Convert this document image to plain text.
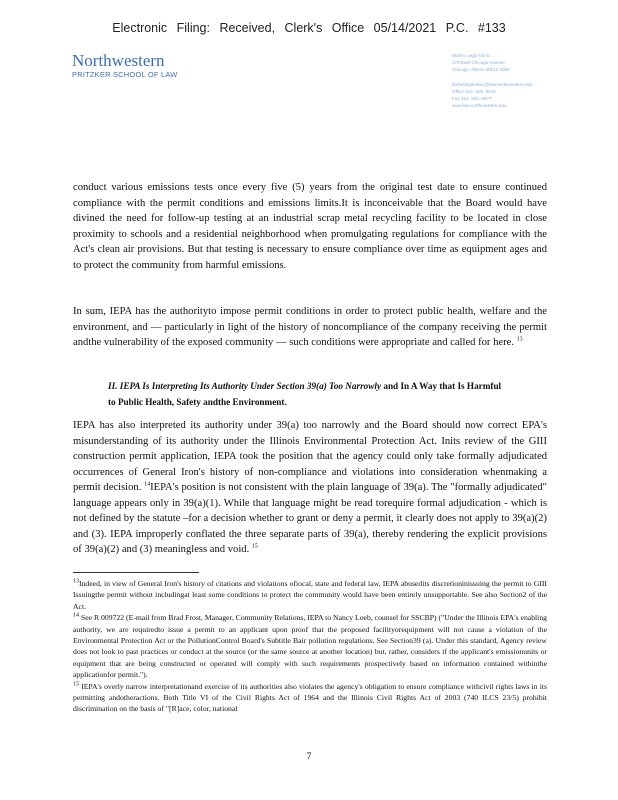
Electronic Filing: Received, Clerk's Office 05/14/2021 P.C. #133
Northwestern
PRITZKER SCHOOL OF LAW
Bluhm Legal Clinic
375 East Chicago Avenue
Chicago, Illinois 60611-3069
bluhmlegalclinic@law.northwestern.edu
Office 312. 503. 8576
Fax 312. 503. 8977
www.law.northwestern.edu
conduct various emissions tests once every five (5) years from the original test date to ensure continued compliance with the permit conditions and emissions limits.It is inconceivable that the Board would have divined the need for follow-up testing at an industrial scrap metal recycling facility to be located in close proximity to schools and a residential neighborhood when promulgating regulations for compliance with the Act's clean air provisions. But that testing is necessary to ensure compliance over time as equipment ages and to protect the community from harmful emissions.
In sum, IEPA has the authorityto impose permit conditions in order to protect public health, welfare and the environment, and — particularly in light of the history of noncompliance of the company receiving the permit andthe vulnerability of the exposed community — such conditions were appropriate and called for here. $^{13}$
II. IEPA Is Interpreting Its Authority Under Section 39(a) Too Narrowly and In A Way that Is Harmful to Public Health, Safety andthe Environment.
IEPA has also interpreted its authority under 39(a) too narrowly and the Board should now correct EPA's misunderstanding of its authority under the Illinois Environmental Protection Act. Inits review of the GIII construction permit application, IEPA took the position that the agency could only take formally adjudicated occurrences of General Iron's history of non-compliance and violations into consideration whenmaking a permit decision. $^{14}$IEPA's position is not consistent with the plain language of 39(a). The "formally adjudicated" language appears only in 39(a)(1). While that language might be read torequire formal adjudication - which is not defined by the statute –for a decision whether to grant or deny a permit, it clearly does not apply to 39(a)(2) and (3). IEPA improperly conflated the three separate parts of 39(a), thereby rendering the explicit provisions of 39(a)(2) and (3) meaningless and void. $^{15}$

$^{13}$Indeed, in view of General Iron's history of citations and violations ofiocal, state and federal law, IEPA abusedits discretioninissuing the permit to GIII Issuingthe permit without includingat least some conditions to protect the community would have been entirely unsupportable. See also Section2 of the Act.

$^{14}$ See R 009722 (E-mail from Brad Frost, Manager, Community Relations, IEPA to Nancy Loeb, counsel for SSCBP) ("Under the Illinois EPA's enabling authority, we are requiredto issue a permit to an applicant upon proof that the proposed facilityorequipment will not cause a violation of the Environmental Protection Act or the PollutionControl Board's Subtitle Bair pollution regulations. See Section39 (a). Under this standard, Agency review does not look to past practices or conduct at the source (or the same source at another location) but, rather, considers if the applicant's emissionunits or equipment that are being constructed or operated will comply with such requirements prospectively based on information contained withinthe applicationfor permit.").

$^{15}$ IEPA's overly narrow interpretationand exercise of its authorities also violates the agency's obligation to ensure compliance withcivil rights laws in its permitting andotheractions. Both Title VI of the Civil Rights Act of 1964 and the Illinois Civil Rights Act of 2003 (740 ILCS 23/5) prohibit discrimination on the basis of "[R]ace, color, national

7
